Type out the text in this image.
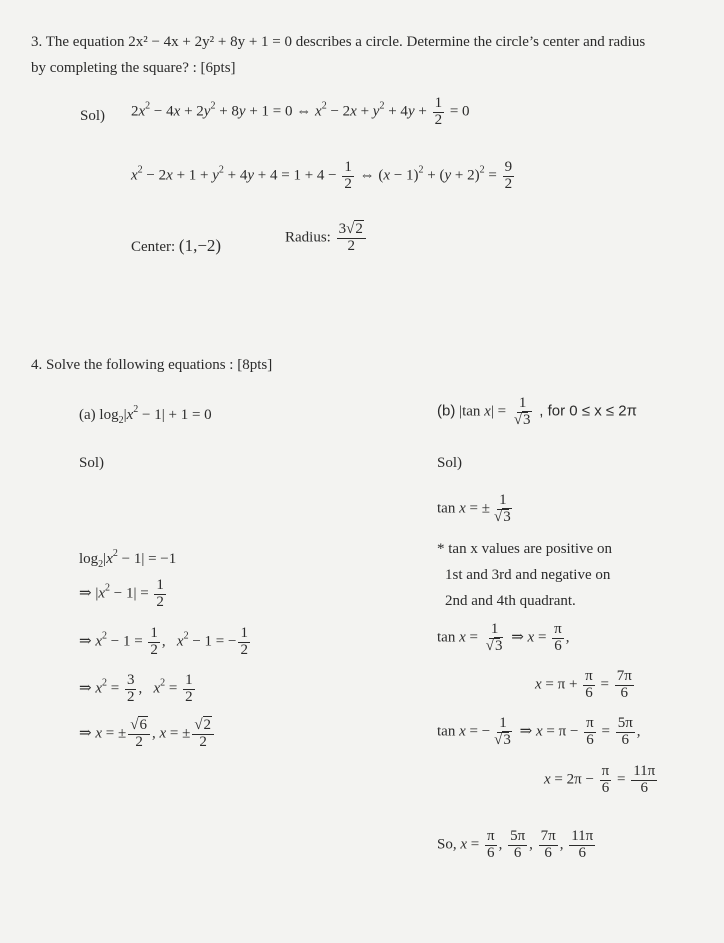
3. The equation 2x² − 4x + 2y² + 8y + 1 = 0 describes a circle. Determine the circle’s center and radius
by completing the square? : [6pts]
Sol) $2x^2 - 4x + 2y^2 + 8y + 1 = 0$ ⇔ $x^2 - 2x + y^2 + 4y + \frac{1}{2} = 0$
$x^2 - 2x + 1 + y^2 + 4y + 4 = 1 + 4 - \frac{1}{2}$ ⇔ $(x - 1)^2 + (y + 2)^2 = \frac{9}{2}$
Center: (1,−2)	Radius: $\frac{3√2}{2}$
4. Solve the following equations : [8pts]
(a) $\log_2|x^2 - 1| + 1 = 0$
Sol)
$\log_2|x^2 - 1| = -1$
⇒ $|x^2 - 1| = \frac{1}{2}$
⇒ $x^2 - 1 = \frac{1}{2}$ ,   $x^2 - 1$ = − $\frac{1}{2}$
⇒ $x^2 = \frac{3}{2}$ ,   $x^2 = \frac{1}{2}$
⇒ x = ± $\frac{√6}{2}$ , x = ± $\frac{√2}{2}$
(b) |tan $x| = \frac{1}{√3}$ , for 0 ≤ x ≤ 2π
Sol)
tan x = ± $\frac{1}{√3}$
* tan x values are positive on
1st and 3rd and negative on
2nd and 4th quadrant.
$\tan x = \frac{1}{√3}$ ⇒ $x = \frac{\pi}{6}$ ,
$x = \pi + \frac{\pi}{6} = \frac{7\pi}{6}$
tan x = − $\frac{1}{√3}$ ⇒ $x = \pi - \frac{\pi}{6} = \frac{5\pi}{6}$ ,
$x = 2\pi - \frac{\pi}{6} = \frac{11\pi}{6}$
So, $x = \frac{\pi}{6}$ , $\frac{5\pi}{6}$ , $\frac{7\pi}{6}$ , $\frac{11\pi}{6}$
